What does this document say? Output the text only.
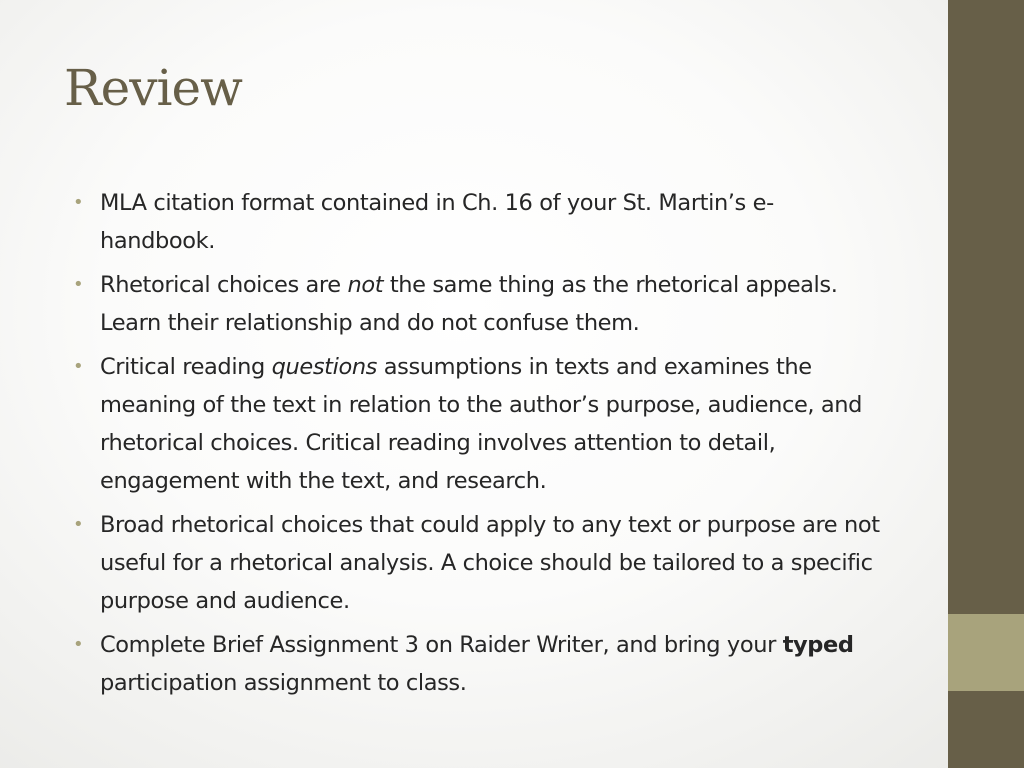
Review
• MLA citation format contained in Ch. 16 of your St. Martin’s e-handbook.
• Rhetorical choices are not the same thing as the rhetorical appeals. Learn their relationship and do not confuse them.
• Critical reading questions assumptions in texts and examines the meaning of the text in relation to the author’s purpose, audience, and rhetorical choices. Critical reading involves attention to detail, engagement with the text, and research.
• Broad rhetorical choices that could apply to any text or purpose are not useful for a rhetorical analysis. A choice should be tailored to a specific purpose and audience.
• Complete Brief Assignment 3 on Raider Writer, and bring your typed participation assignment to class.
